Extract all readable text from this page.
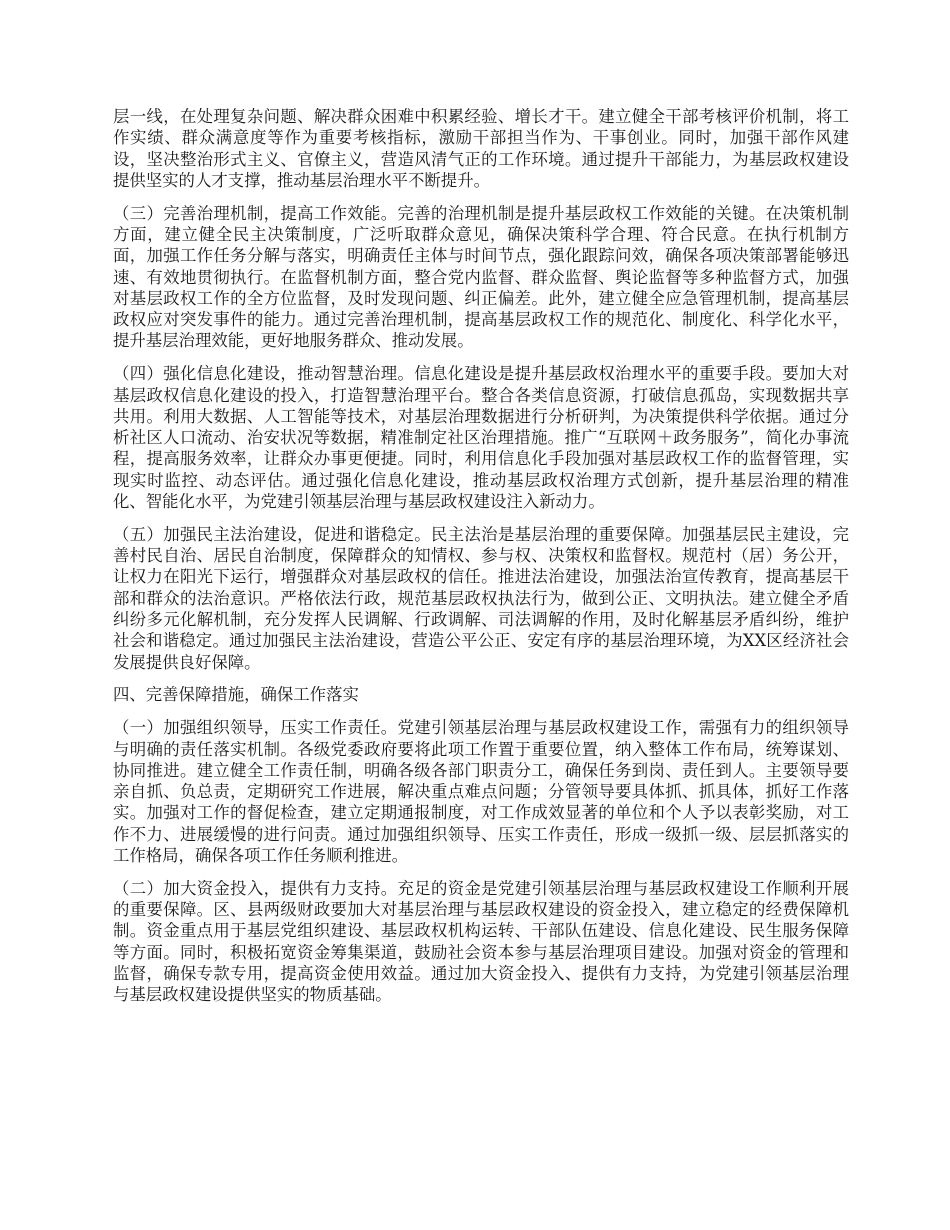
层一线，在处理复杂问题、解决群众困难中积累经验、增长才干。建立健全干部考核评价机制，将工作实绩、群众满意度等作为重要考核指标，激励干部担当作为、干事创业。同时，加强干部作风建设，坚决整治形式主义、官僚主义，营造风清气正的工作环境。通过提升干部能力，为基层政权建设提供坚实的人才支撑，推动基层治理水平不断提升。

（三）完善治理机制，提高工作效能。完善的治理机制是提升基层政权工作效能的关键。在决策机制方面，建立健全民主决策制度，广泛听取群众意见，确保决策科学合理、符合民意。在执行机制方面，加强工作任务分解与落实，明确责任主体与时间节点，强化跟踪问效，确保各项决策部署能够迅速、有效地贯彻执行。在监督机制方面，整合党内监督、群众监督、舆论监督等多种监督方式，加强对基层政权工作的全方位监督，及时发现问题、纠正偏差。此外，建立健全应急管理机制，提高基层政权应对突发事件的能力。通过完善治理机制，提高基层政权工作的规范化、制度化、科学化水平，提升基层治理效能，更好地服务群众、推动发展。

（四）强化信息化建设，推动智慧治理。信息化建设是提升基层政权治理水平的重要手段。要加大对基层政权信息化建设的投入，打造智慧治理平台。整合各类信息资源，打破信息孤岛，实现数据共享共用。利用大数据、人工智能等技术，对基层治理数据进行分析研判，为决策提供科学依据。通过分析社区人口流动、治安状况等数据，精准制定社区治理措施。推广“互联网＋政务服务”，简化办事流程，提高服务效率，让群众办事更便捷。同时，利用信息化手段加强对基层政权工作的监督管理，实现实时监控、动态评估。通过强化信息化建设，推动基层政权治理方式创新，提升基层治理的精准化、智能化水平，为党建引领基层治理与基层政权建设注入新动力。

（五）加强民主法治建设，促进和谐稳定。民主法治是基层治理的重要保障。加强基层民主建设，完善村民自治、居民自治制度，保障群众的知情权、参与权、决策权和监督权。规范村（居）务公开，让权力在阳光下运行，增强群众对基层政权的信任。推进法治建设，加强法治宣传教育，提高基层干部和群众的法治意识。严格依法行政，规范基层政权执法行为，做到公正、文明执法。建立健全矛盾纠纷多元化解机制，充分发挥人民调解、行政调解、司法调解的作用，及时化解基层矛盾纠纷，维护社会和谐稳定。通过加强民主法治建设，营造公平公正、安定有序的基层治理环境，为XX区经济社会发展提供良好保障。

四、完善保障措施，确保工作落实

（一）加强组织领导，压实工作责任。党建引领基层治理与基层政权建设工作，需强有力的组织领导与明确的责任落实机制。各级党委政府要将此项工作置于重要位置，纳入整体工作布局，统筹谋划、协同推进。建立健全工作责任制，明确各级各部门职责分工，确保任务到岗、责任到人。主要领导要亲自抓、负总责，定期研究工作进展，解决重点难点问题；分管领导要具体抓、抓具体，抓好工作落实。加强对工作的督促检查，建立定期通报制度，对工作成效显著的单位和个人予以表彰奖励，对工作不力、进展缓慢的进行问责。通过加强组织领导、压实工作责任，形成一级抓一级、层层抓落实的工作格局，确保各项工作任务顺利推进。

（二）加大资金投入，提供有力支持。充足的资金是党建引领基层治理与基层政权建设工作顺利开展的重要保障。区、县两级财政要加大对基层治理与基层政权建设的资金投入，建立稳定的经费保障机制。资金重点用于基层党组织建设、基层政权机构运转、干部队伍建设、信息化建设、民生服务保障等方面。同时，积极拓宽资金筹集渠道，鼓励社会资本参与基层治理项目建设。加强对资金的管理和监督，确保专款专用，提高资金使用效益。通过加大资金投入、提供有力支持，为党建引领基层治理与基层政权建设提供坚实的物质基础。
